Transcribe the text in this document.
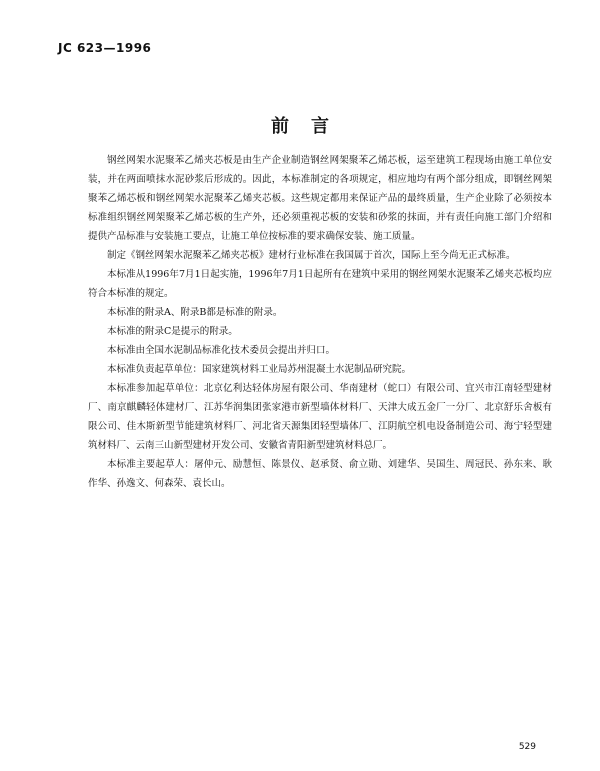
JC 623—1996
前言

钢丝网架水泥聚苯乙烯夹芯板是由生产企业制造钢丝网架聚苯乙烯芯板，运至建筑工程现场由施工单位安装，并在两面喷抹水泥砂浆后形成的。因此，本标准制定的各项规定，相应地均有两个部分组成，即钢丝网架聚苯乙烯芯板和钢丝网架水泥聚苯乙烯夹芯板。这些规定都用来保证产品的最终质量，生产企业除了必须按本标准组织钢丝网架聚苯乙烯芯板的生产外，还必须重视芯板的安装和砂浆的抹面，并有责任向施工部门介绍和提供产品标准与安装施工要点，让施工单位按标准的要求确保安装、施工质量。

制定《钢丝网架水泥聚苯乙烯夹芯板》建材行业标准在我国属于首次，国际上至今尚无正式标准。

本标准从1996年7月1日起实施，1996年7月1日起所有在建筑中采用的钢丝网架水泥聚苯乙烯夹芯板均应符合本标准的规定。

本标准的附录A、附录B都是标准的附录。

本标准的附录C是提示的附录。

本标准由全国水泥制品标准化技术委员会提出并归口。

本标准负责起草单位：国家建筑材料工业局苏州混凝土水泥制品研究院。

本标准参加起草单位：北京亿利达轻体房屋有限公司、华南建材（蛇口）有限公司、宜兴市江南轻型建材厂、南京麒麟轻体建材厂、江苏华润集团张家港市新型墙体材料厂、天津大成五金厂一分厂、北京舒乐舍板有限公司、佳木斯新型节能建筑材料厂、河北省天源集团轻型墙体厂、江阴航空机电设备制造公司、海宁轻型建筑材料厂、云南三山新型建材开发公司、安徽省青阳新型建筑材料总厂。

本标准主要起草人：屠仲元、励慧恒、陈景仪、赵承贤、俞立勋、刘建华、吴国生、周冠民、孙东来、耿作华、孙逸文、何森荣、袁长山。

529
